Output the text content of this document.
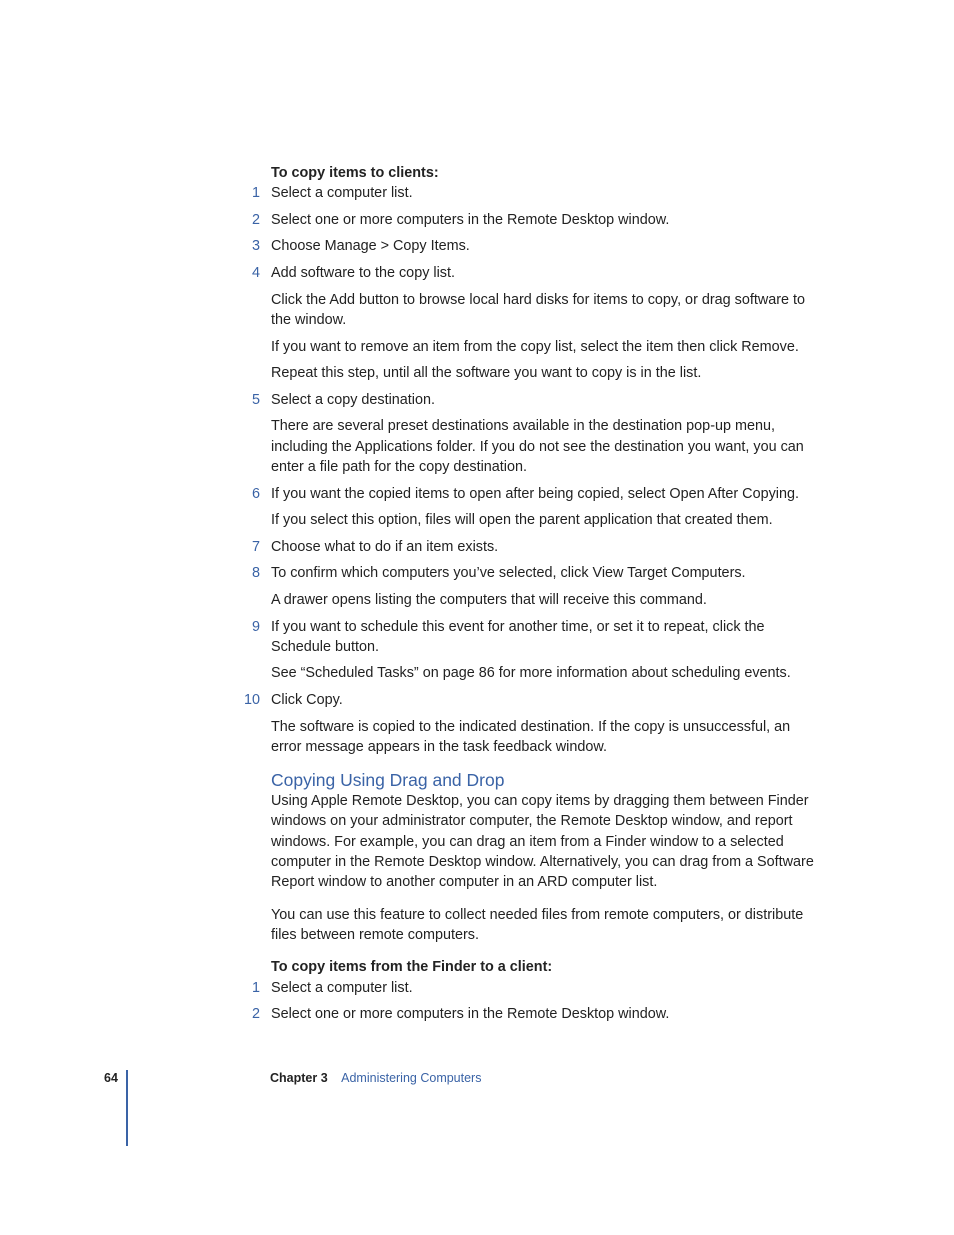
To copy items to clients:
1 Select a computer list.
2 Select one or more computers in the Remote Desktop window.
3 Choose Manage > Copy Items.
4 Add software to the copy list.
Click the Add button to browse local hard disks for items to copy, or drag software to the window.
If you want to remove an item from the copy list, select the item then click Remove.
Repeat this step, until all the software you want to copy is in the list.
5 Select a copy destination.
There are several preset destinations available in the destination pop-up menu, including the Applications folder. If you do not see the destination you want, you can enter a file path for the copy destination.
6 If you want the copied items to open after being copied, select Open After Copying.
If you select this option, files will open the parent application that created them.
7 Choose what to do if an item exists.
8 To confirm which computers you’ve selected, click View Target Computers.
A drawer opens listing the computers that will receive this command.
9 If you want to schedule this event for another time, or set it to repeat, click the Schedule button.
See “Scheduled Tasks” on page 86 for more information about scheduling events.
10 Click Copy.
The software is copied to the indicated destination. If the copy is unsuccessful, an error message appears in the task feedback window.
Copying Using Drag and Drop
Using Apple Remote Desktop, you can copy items by dragging them between Finder windows on your administrator computer, the Remote Desktop window, and report windows. For example, you can drag an item from a Finder window to a selected computer in the Remote Desktop window. Alternatively, you can drag from a Software Report window to another computer in an ARD computer list.
You can use this feature to collect needed files from remote computers, or distribute files between remote computers.
To copy items from the Finder to a client:
1 Select a computer list.
2 Select one or more computers in the Remote Desktop window.
64	Chapter 3 Administering Computers
